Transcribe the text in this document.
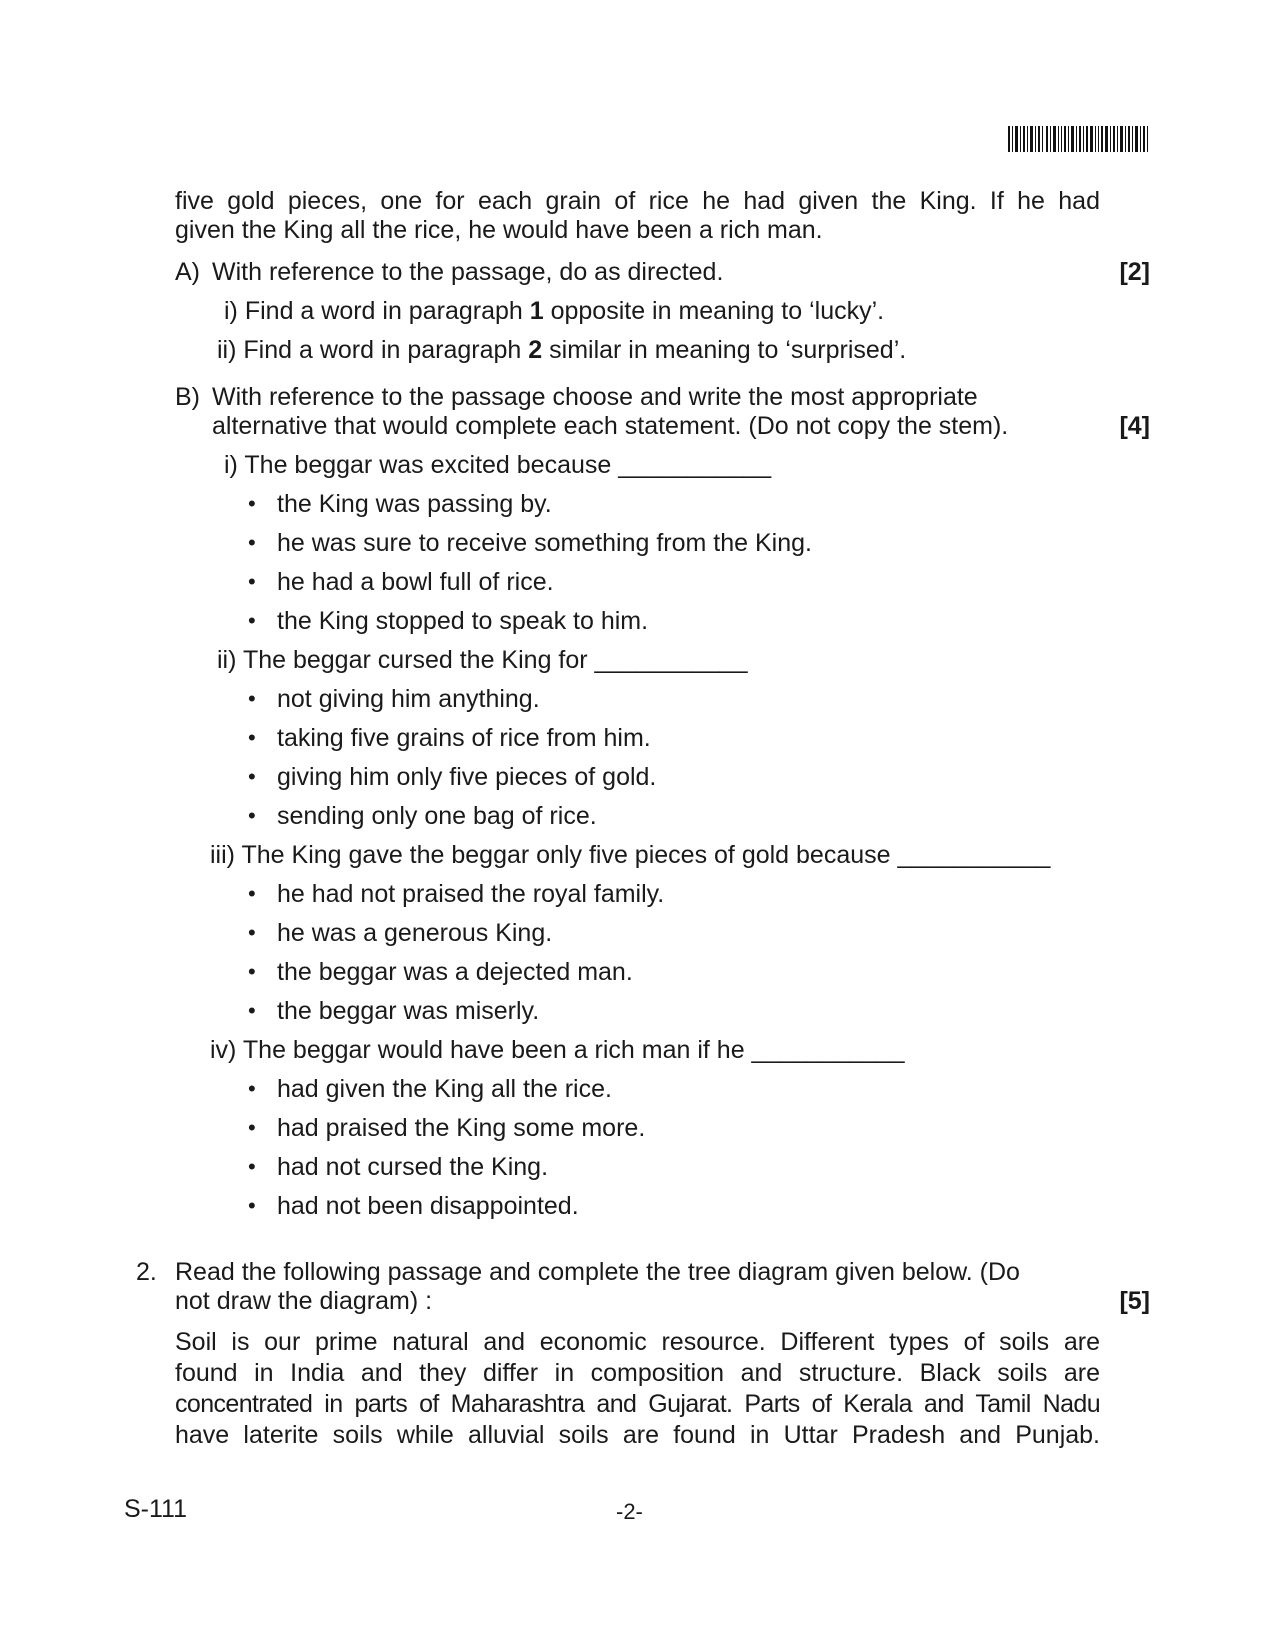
five gold pieces, one for each grain of rice he had given the King. If he had
given the King all the rice, he would have been a rich man.
A) With reference to the passage, do as directed.	[2]
i) Find a word in paragraph 1 opposite in meaning to ‘lucky’.
ii) Find a word in paragraph 2 similar in meaning to ‘surprised’.
B) With reference to the passage choose and write the most appropriate
alternative that would complete each statement. (Do not copy the stem).	[4]
i) The beggar was excited because ___________
• the King was passing by.
• he was sure to receive something from the King.
• he had a bowl full of rice.
• the King stopped to speak to him.
ii) The beggar cursed the King for ___________
• not giving him anything.
• taking five grains of rice from him.
• giving him only five pieces of gold.
• sending only one bag of rice.
iii) The King gave the beggar only five pieces of gold because ___________
• he had not praised the royal family.
• he was a generous King.
• the beggar was a dejected man.
• the beggar was miserly.
iv) The beggar would have been a rich man if he ___________
• had given the King all the rice.
• had praised the King some more.
• had not cursed the King.
• had not been disappointed.
2. Read the following passage and complete the tree diagram given below. (Do
not draw the diagram) :	[5]
Soil is our prime natural and economic resource. Different types of soils are
found in India and they differ in composition and structure. Black soils are
concentrated in parts of Maharashtra and Gujarat. Parts of Kerala and Tamil Nadu
have laterite soils while alluvial soils are found in Uttar Pradesh and Punjab.
S-111	-2-
